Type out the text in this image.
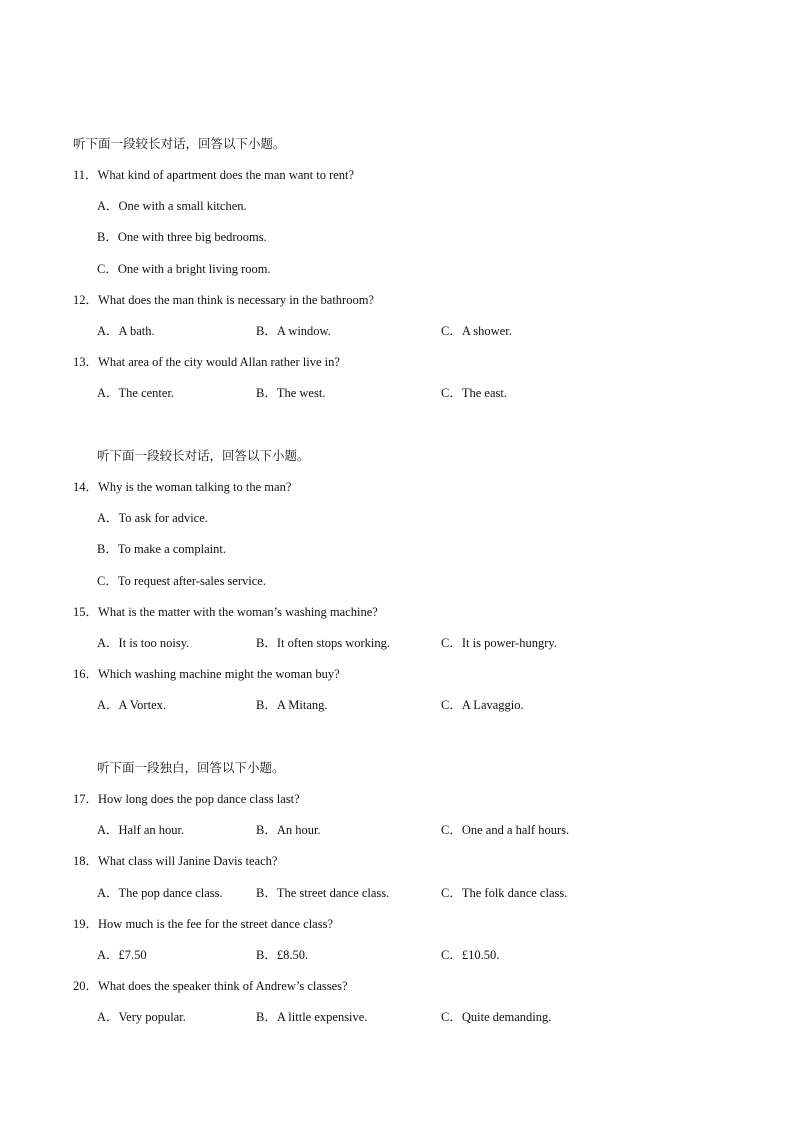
听下面一段较长对话，回答以下小题。
11．What kind of apartment does the man want to rent?
A．One with a small kitchen.
B．One with three big bedrooms.
C．One with a bright living room.
12．What does the man think is necessary in the bathroom?
A．A bath.	B．A window.	C．A shower.
13．What area of the city would Allan rather live in?
A．The center.	B．The west.	C．The east.
听下面一段较长对话，回答以下小题。
14．Why is the woman talking to the man?
A．To ask for advice.
B．To make a complaint.
C．To request after-sales service.
15．What is the matter with the woman’s washing machine?
A．It is too noisy.	B．It often stops working.	C．It is power-hungry.
16．Which washing machine might the woman buy?
A．A Vortex.	B．A Mitang.	C．A Lavaggio.
听下面一段独白，回答以下小题。
17．How long does the pop dance class last?
A．Half an hour.	B．An hour.	C．One and a half hours.
18．What class will Janine Davis teach?
A．The pop dance class.	B．The street dance class.	C．The folk dance class.
19．How much is the fee for the street dance class?
A．£7.50	B．£8.50.	C．£10.50.
20．What does the speaker think of Andrew’s classes?
A．Very popular.	B．A little expensive.	C．Quite demanding.
